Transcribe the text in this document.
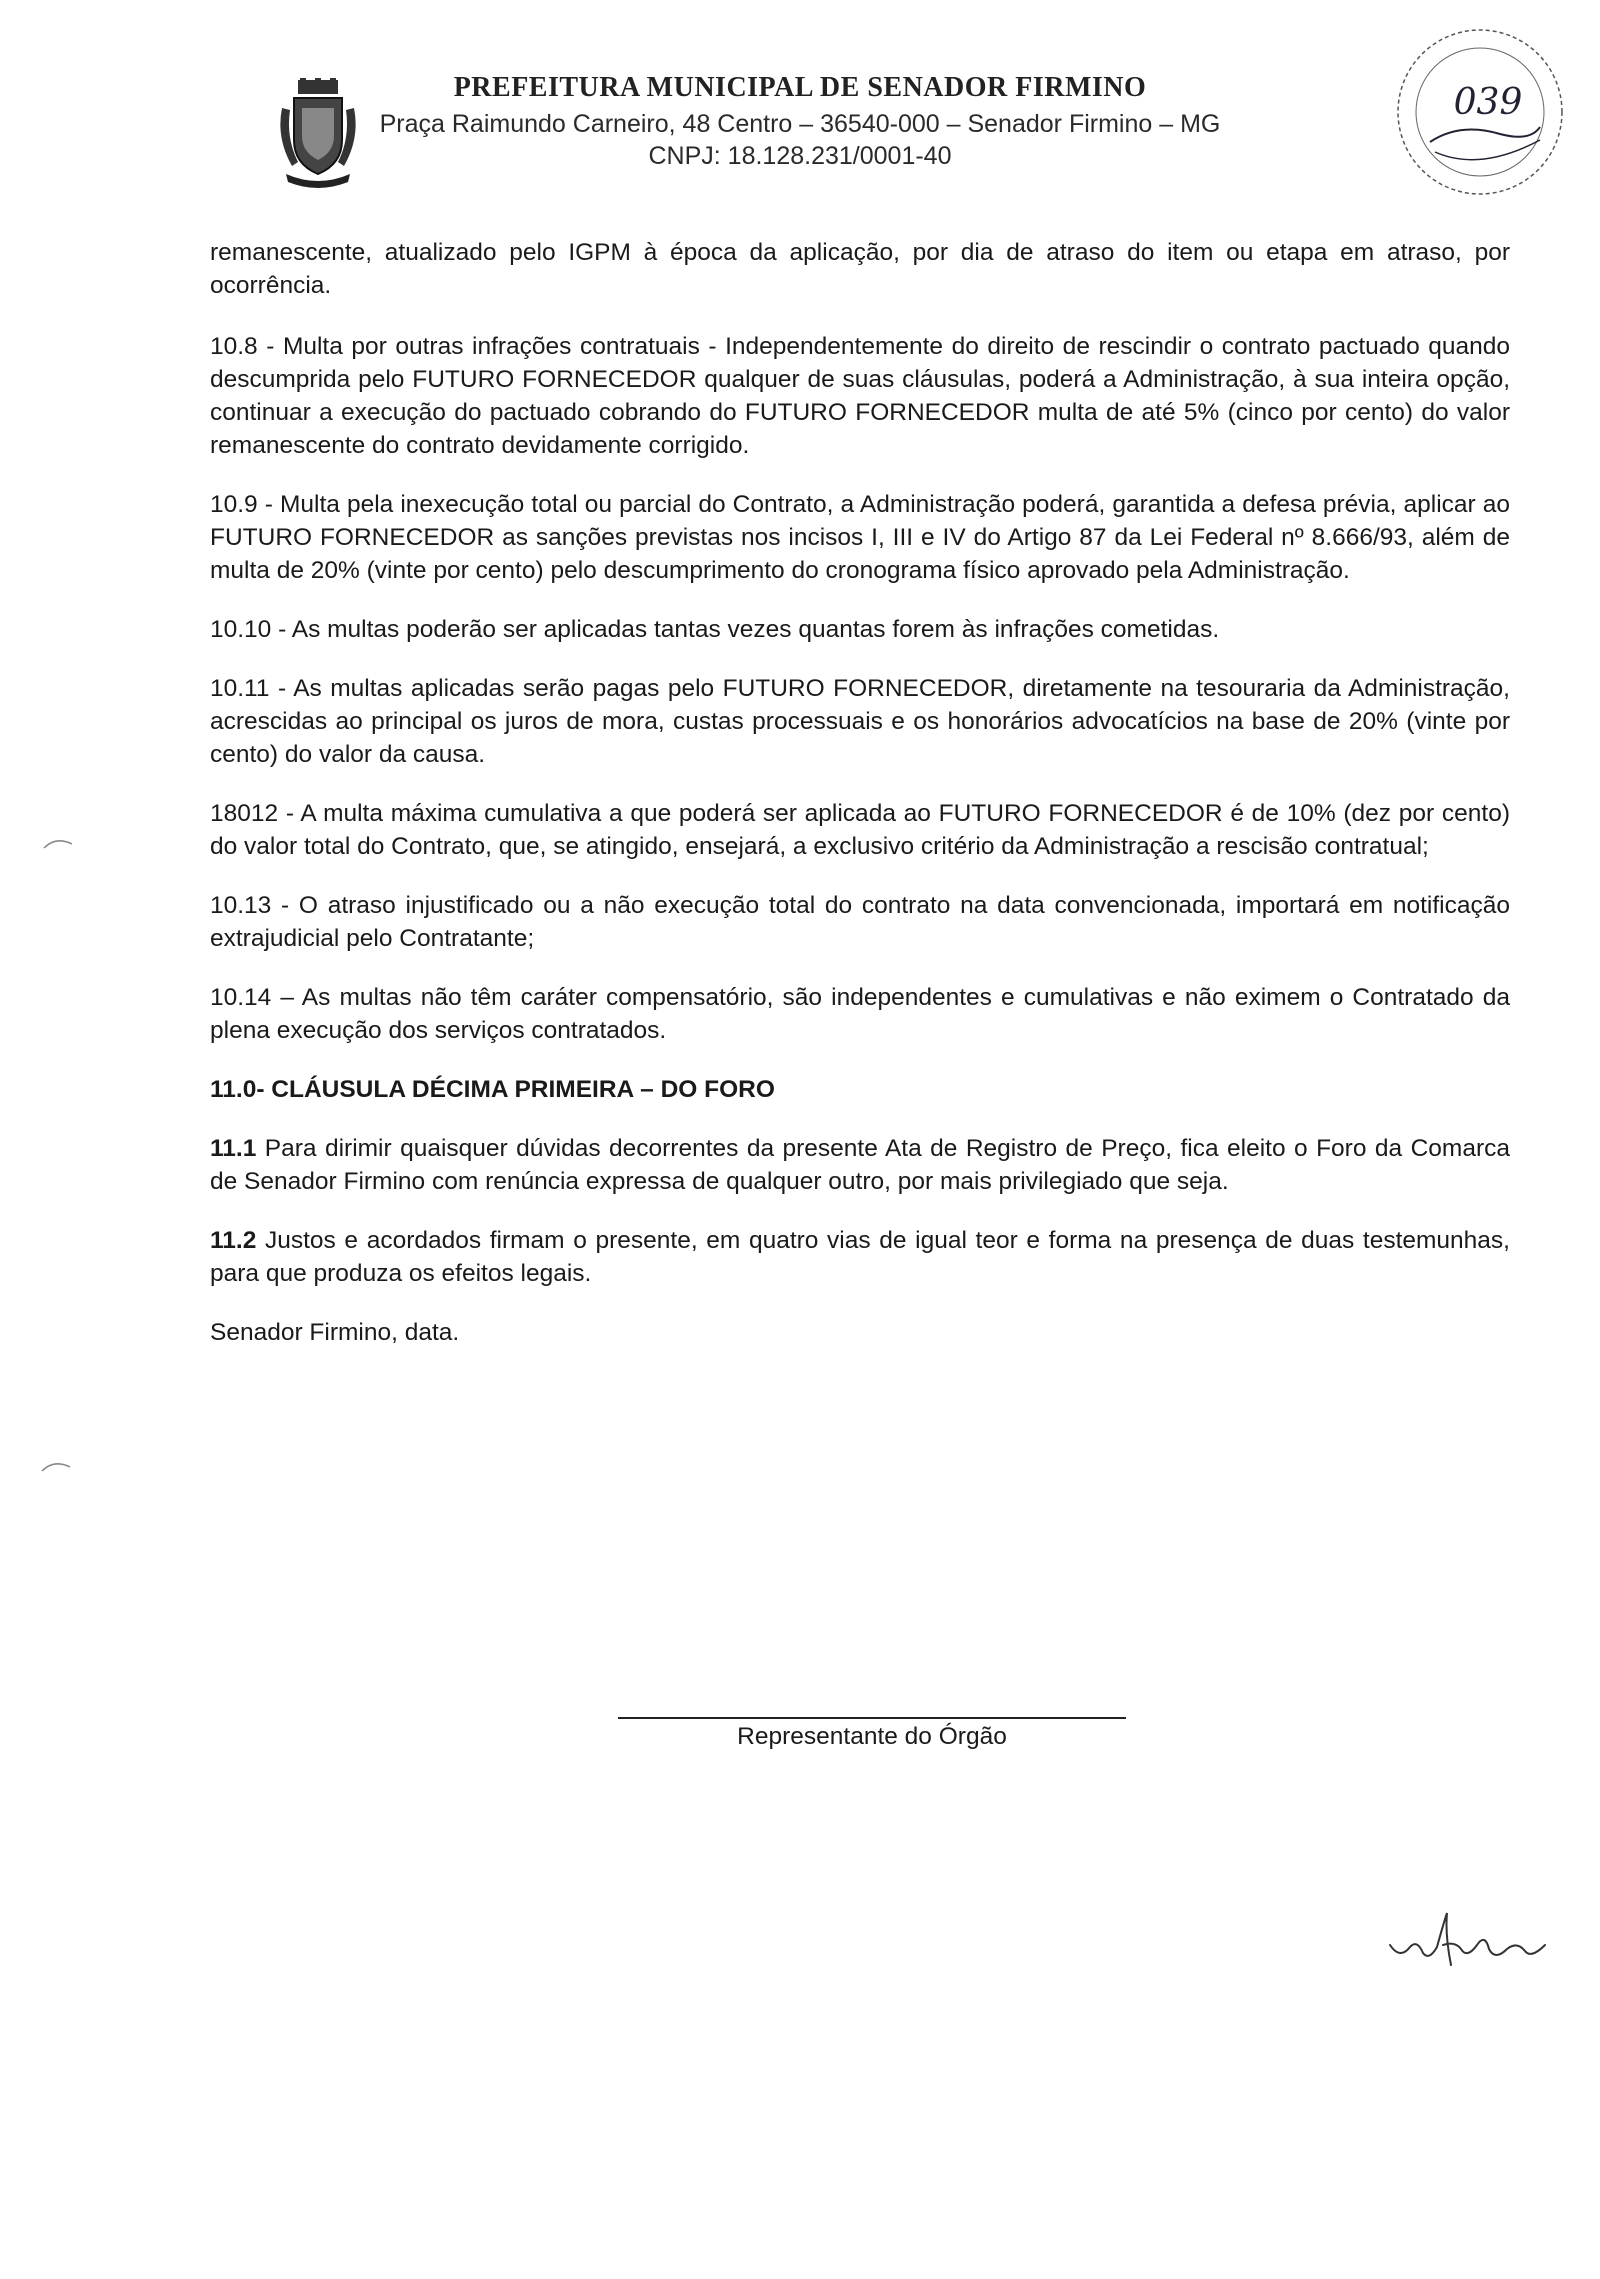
PREFEITURA MUNICIPAL DE SENADOR FIRMINO
Praça Raimundo Carneiro, 48 Centro – 36540-000 – Senador Firmino – MG
CNPJ: 18.128.231/0001-40
039

remanescente, atualizado pelo IGPM à época da aplicação, por dia de atraso do item ou etapa em atraso, por ocorrência.

10.8 - Multa por outras infrações contratuais - Independentemente do direito de rescindir o contrato pactuado quando descumprida pelo FUTURO FORNECEDOR qualquer de suas cláusulas, poderá a Administração, à sua inteira opção, continuar a execução do pactuado cobrando do FUTURO FORNECEDOR multa de até 5% (cinco por cento) do valor remanescente do contrato devidamente corrigido.

10.9 - Multa pela inexecução total ou parcial do Contrato, a Administração poderá, garantida a defesa prévia, aplicar ao FUTURO FORNECEDOR as sanções previstas nos incisos I, III e IV do Artigo 87 da Lei Federal nº 8.666/93, além de multa de 20% (vinte por cento) pelo descumprimento do cronograma físico aprovado pela Administração.

10.10 - As multas poderão ser aplicadas tantas vezes quantas forem às infrações cometidas.

10.11 - As multas aplicadas serão pagas pelo FUTURO FORNECEDOR, diretamente na tesouraria da Administração, acrescidas ao principal os juros de mora, custas processuais e os honorários advocatícios na base de 20% (vinte por cento) do valor da causa.

18012 - A multa máxima cumulativa a que poderá ser aplicada ao FUTURO FORNECEDOR é de 10% (dez por cento) do valor total do Contrato, que, se atingido, ensejará, a exclusivo critério da Administração a rescisão contratual;

10.13 - O atraso injustificado ou a não execução total do contrato na data convencionada, importará em notificação extrajudicial pelo Contratante;

10.14 – As multas não têm caráter compensatório, são independentes e cumulativas e não eximem o Contratado da plena execução dos serviços contratados.

11.0- CLÁUSULA DÉCIMA PRIMEIRA – DO FORO

11.1 Para dirimir quaisquer dúvidas decorrentes da presente Ata de Registro de Preço, fica eleito o Foro da Comarca de Senador Firmino com renúncia expressa de qualquer outro, por mais privilegiado que seja.

11.2 Justos e acordados firmam o presente, em quatro vias de igual teor e forma na presença de duas testemunhas, para que produza os efeitos legais.

Senador Firmino, data.

Representante do Órgão
